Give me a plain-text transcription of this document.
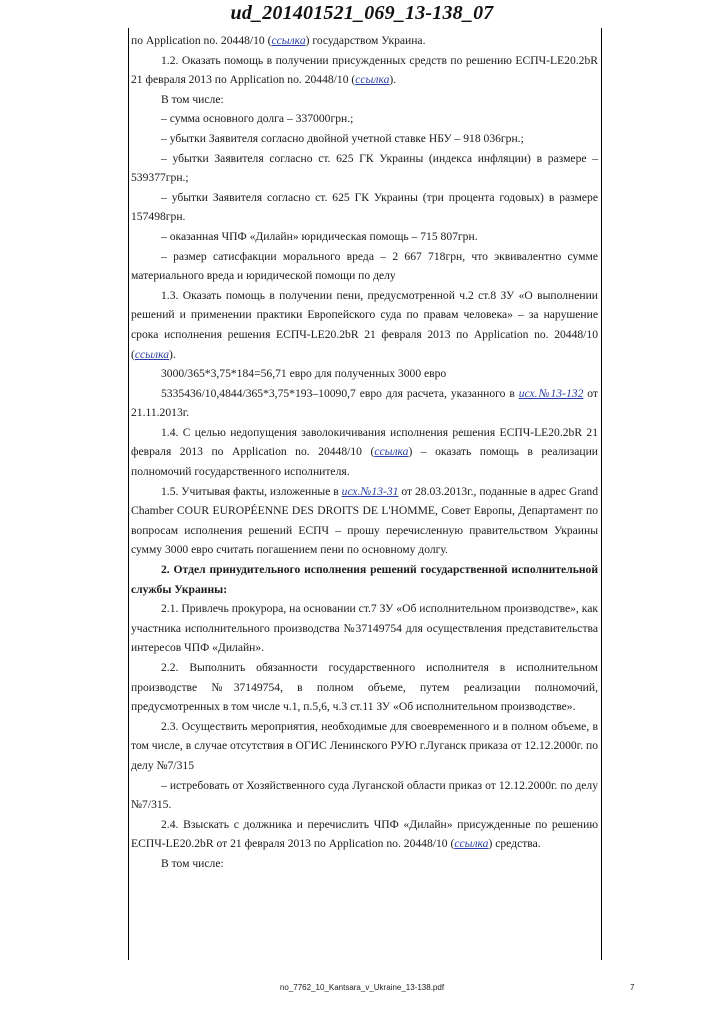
ud_201401521_069_13-138_07

по Application no. 20448/10 (ссылка) государством Украина.

1.2. Оказать помощь в получении присужденных средств по решению ЕСПЧ-LE20.2bR 21 февраля 2013 по Application no. 20448/10 (ссылка).

В том числе:

– сумма основного долга – 337000грн.;

– убытки Заявителя согласно двойной учетной ставке НБУ – 918 036грн.;

– убытки Заявителя согласно ст. 625 ГК Украины (индекса инфляции) в размере – 539377грн.;

– убытки Заявителя согласно ст. 625 ГК Украины (три процента годовых) в размере 157498грн.

– оказанная ЧПФ «Дилайн» юридическая помощь – 715 807грн.

– размер сатисфакции морального вреда – 2 667 718грн, что эквивалентно сумме материального вреда и юридической помощи по делу

1.3. Оказать помощь в получении пени, предусмотренной ч.2 ст.8 ЗУ «О выполнении решений и применении практики Европейского суда по правам человека» – за нарушение срока исполнения решения ЕСПЧ-LE20.2bR 21 февраля 2013 по Application no. 20448/10 (ссылка).

3000/365*3,75*184=56,71 евро для полученных 3000 евро

5335436/10,4844/365*3,75*193–10090,7 евро для расчета, указанного в исх.№13-132 от 21.11.2013г.

1.4. С целью недопущения заволокичивания исполнения решения ЕСПЧ-LE20.2bR 21 февраля 2013 по Application no. 20448/10 (ссылка) – оказать помощь в реализации полномочий государственного исполнителя.

1.5. Учитывая факты, изложенные в исх.№13-31 от 28.03.2013г., поданные в адрес Grand Chamber COUR EUROPÉENNE DES DROITS DE L'HOMME, Совет Европы, Департамент по вопросам исполнения решений ЕСПЧ – прошу перечисленную правительством Украины сумму 3000 евро считать погашением пени по основному долгу.

2. Отдел принудительного исполнения решений государственной исполнительной службы Украины:

2.1. Привлечь прокурора, на основании ст.7 ЗУ «Об исполнительном производстве», как участника исполнительного производства №37149754 для осуществления представительства интересов ЧПФ «Дилайн».

2.2. Выполнить обязанности государственного исполнителя в исполнительном производстве №37149754, в полном объеме, путем реализации полномочий, предусмотренных в том числе ч.1, п.5,6, ч.3 ст.11 ЗУ «Об исполнительном производстве».

2.3. Осуществить мероприятия, необходимые для своевременного и в полном объеме, в том числе, в случае отсутствия в ОГИС Ленинского РУЮ г.Луганск приказа от 12.12.2000г. по делу №7/315

– истребовать от Хозяйственного суда Луганской области приказ от 12.12.2000г. по делу №7/315.

2.4. Взыскать с должника и перечислить ЧПФ «Дилайн» присужденные по решению ЕСПЧ-LE20.2bR от 21 февраля 2013 по Application no. 20448/10 (ссылка) средства.

В том числе:

no_7762_10_Kantsara_v_Ukraine_13-138.pdf	7
